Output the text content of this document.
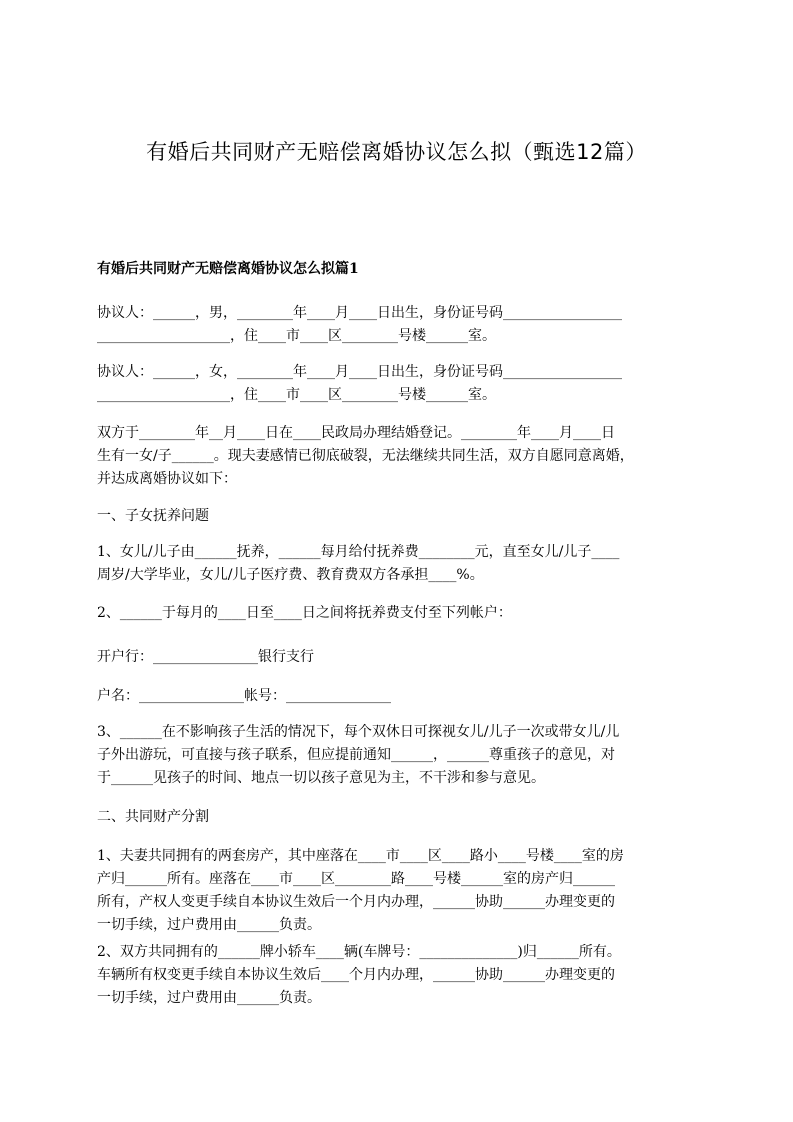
有婚后共同财产无赔偿离婚协议怎么拟（甄选12篇）
有婚后共同财产无赔偿离婚协议怎么拟篇1
协议人：______，男，________年____月____日出生，身份证号码_________________
___________________，住____市____区________号楼______室。
协议人：______，女，________年____月____日出生，身份证号码_________________
___________________，住____市____区________号楼______室。
双方于________年__月____日在____民政局办理结婚登记。________年____月____日
生有一女/子______。现夫妻感情已彻底破裂，无法继续共同生活，双方自愿同意离婚，
并达成离婚协议如下：
一、子女抚养问题
1、女儿/儿子由______抚养，______每月给付抚养费________元，直至女儿/儿子____
周岁/大学毕业，女儿/儿子医疗费、教育费双方各承担____%。
2、______于每月的____日至____日之间将抚养费支付至下列帐户：
开户行：_______________银行支行
户名：_______________帐号：_______________
3、______在不影响孩子生活的情况下，每个双休日可探视女儿/儿子一次或带女儿/儿
子外出游玩，可直接与孩子联系，但应提前通知______，______尊重孩子的意见，对
于______见孩子的时间、地点一切以孩子意见为主，不干涉和参与意见。
二、共同财产分割
1、夫妻共同拥有的两套房产，其中座落在____市____区____路小____号楼____室的房
产归______所有。座落在____市____区________路____号楼______室的房产归______
所有，产权人变更手续自本协议生效后一个月内办理，______协助______办理变更的
一切手续，过户费用由______负责。
2、双方共同拥有的______牌小轿车____辆(车牌号：______________)归______所有。
车辆所有权变更手续自本协议生效后____个月内办理，______协助______办理变更的
一切手续，过户费用由______负责。
